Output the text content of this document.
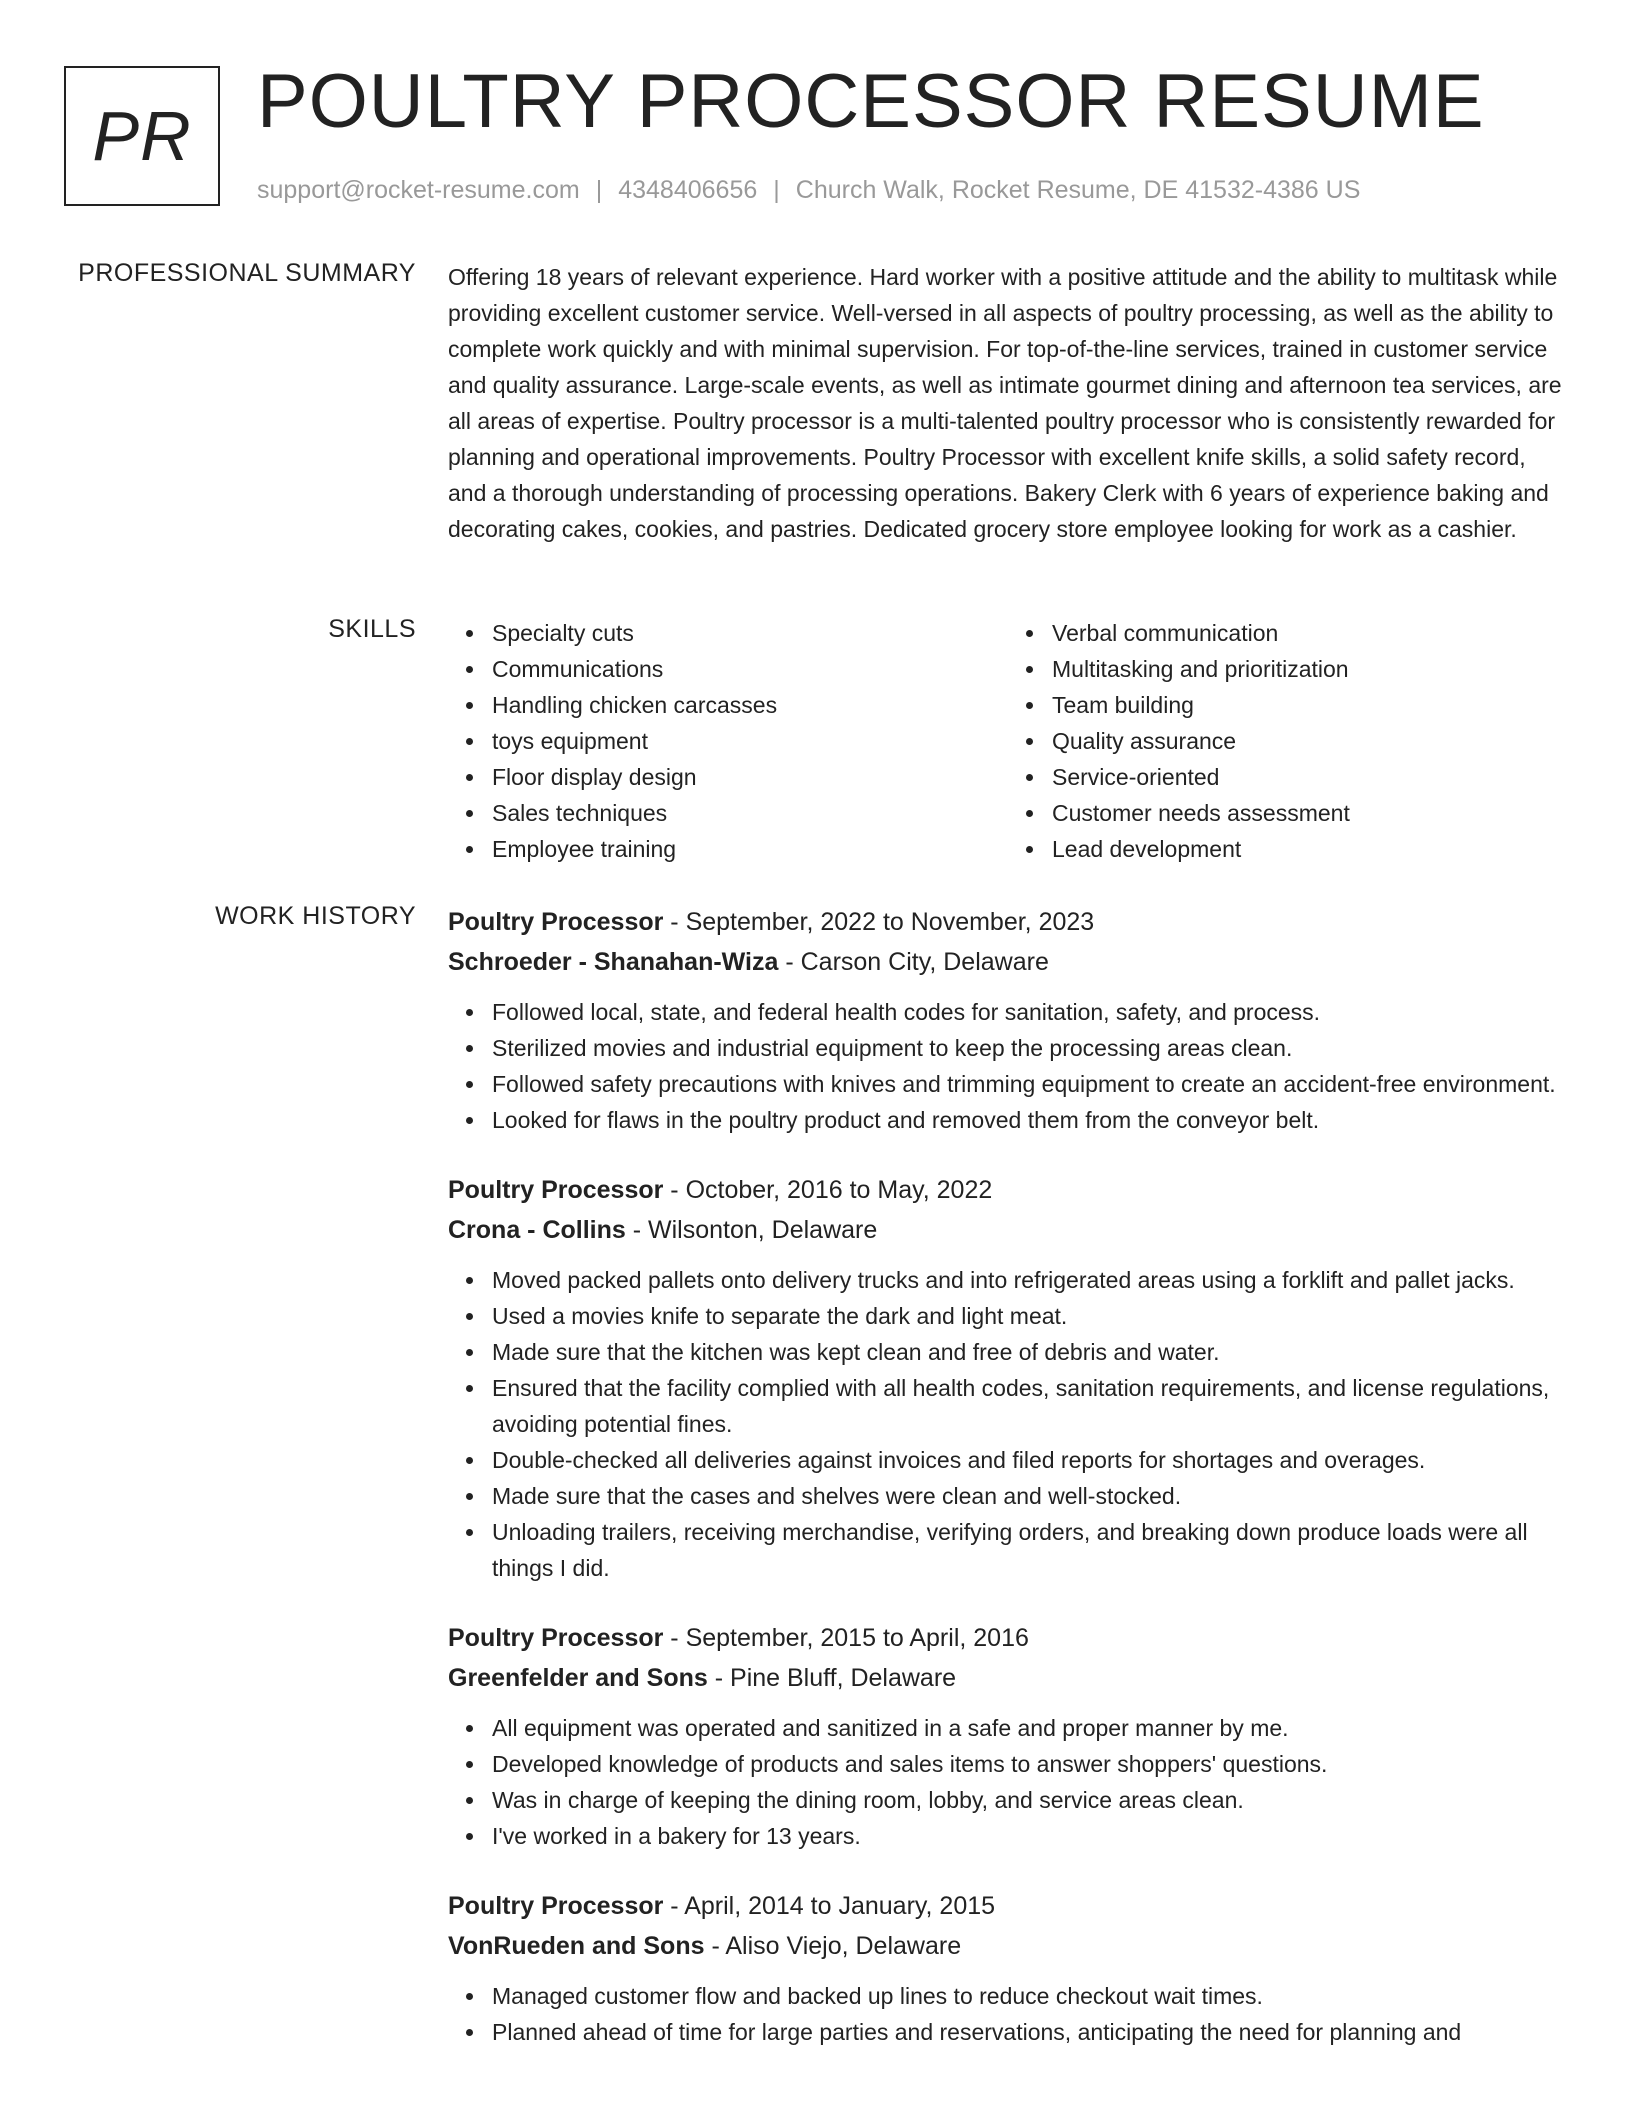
PR POULTRY PROCESSOR RESUME
support@rocket-resume.com | 4348406656 | Church Walk, Rocket Resume, DE 41532-4386 US
PROFESSIONAL SUMMARY Offering 18 years of relevant experience. Hard worker with a positive attitude and the ability to multitask while providing excellent customer service. Well-versed in all aspects of poultry processing, as well as the ability to complete work quickly and with minimal supervision. For top-of-the-line services, trained in customer service and quality assurance. Large-scale events, as well as intimate gourmet dining and afternoon tea services, are all areas of expertise. Poultry processor is a multi-talented poultry processor who is consistently rewarded for planning and operational improvements. Poultry Processor with excellent knife skills, a solid safety record, and a thorough understanding of processing operations. Bakery Clerk with 6 years of experience baking and decorating cakes, cookies, and pastries. Dedicated grocery store employee looking for work as a cashier.

SKILLS	Specialty cuts
Communications
Handling chicken carcasses
toys equipment
Floor display design
Sales techniques
Employee training
Verbal communication
Multitasking and prioritization
Team building
Quality assurance
Service-oriented
Customer needs assessment
Lead development
WORK HISTORY Poultry Processor - September, 2022 to November, 2023
Schroeder - Shanahan-Wiza - Carson City, Delaware
Followed local, state, and federal health codes for sanitation, safety, and process.
Sterilized movies and industrial equipment to keep the processing areas clean.
Followed safety precautions with knives and trimming equipment to create an accident-free environment.
Looked for flaws in the poultry product and removed them from the conveyor belt.
Poultry Processor - October, 2016 to May, 2022
Crona - Collins - Wilsonton, Delaware
Moved packed pallets onto delivery trucks and into refrigerated areas using a forklift and pallet jacks.
Used a movies knife to separate the dark and light meat.
Made sure that the kitchen was kept clean and free of debris and water.
Ensured that the facility complied with all health codes, sanitation requirements, and license regulations, avoiding potential fines.
Double-checked all deliveries against invoices and filed reports for shortages and overages.
Made sure that the cases and shelves were clean and well-stocked.
Unloading trailers, receiving merchandise, verifying orders, and breaking down produce loads were all things I did.
Poultry Processor - September, 2015 to April, 2016
Greenfelder and Sons - Pine Bluff, Delaware
All equipment was operated and sanitized in a safe and proper manner by me.
Developed knowledge of products and sales items to answer shoppers' questions.
Was in charge of keeping the dining room, lobby, and service areas clean.
I've worked in a bakery for 13 years.
Poultry Processor - April, 2014 to January, 2015
VonRueden and Sons - Aliso Viejo, Delaware
Managed customer flow and backed up lines to reduce checkout wait times.
Planned ahead of time for large parties and reservations, anticipating the need for planning and
